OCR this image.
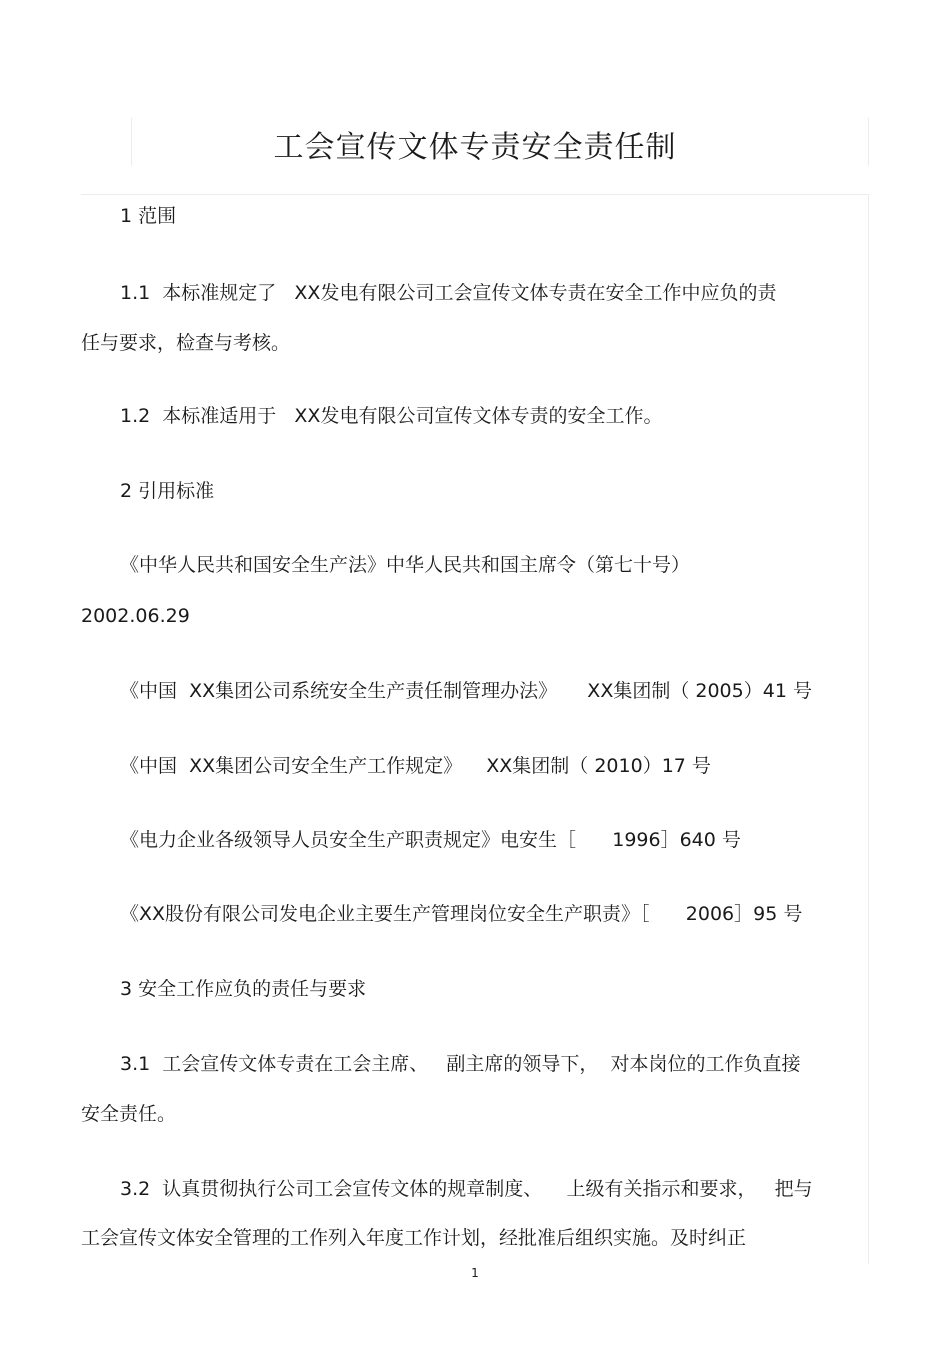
工会宣传文体专责安全责任制
1 范围
1.1  本标准规定了   XX发电有限公司工会宣传文体专责在安全工作中应负的责
任与要求，检查与考核。
1.2  本标准适用于   XX发电有限公司宣传文体专责的安全工作。
2 引用标准
《中华人民共和国安全生产法》中华人民共和国主席令（第七十号）
2002.06.29
《中国  XX集团公司系统安全生产责任制管理办法》     XX集团制（ 2005）41 号
《中国  XX集团公司安全生产工作规定》    XX集团制（ 2010）17 号
《电力企业各级领导人员安全生产职责规定》电安生［      1996］640 号
《XX股份有限公司发电企业主要生产管理岗位安全生产职责》［      2006］95 号
3 安全工作应负的责任与要求
3.1  工会宣传文体专责在工会主席、   副主席的领导下，  对本岗位的工作负直接
安全责任。
3.2  认真贯彻执行公司工会宣传文体的规章制度、    上级有关指示和要求，   把与
工会宣传文体安全管理的工作列入年度工作计划，经批准后组织实施。及时纠正
1
